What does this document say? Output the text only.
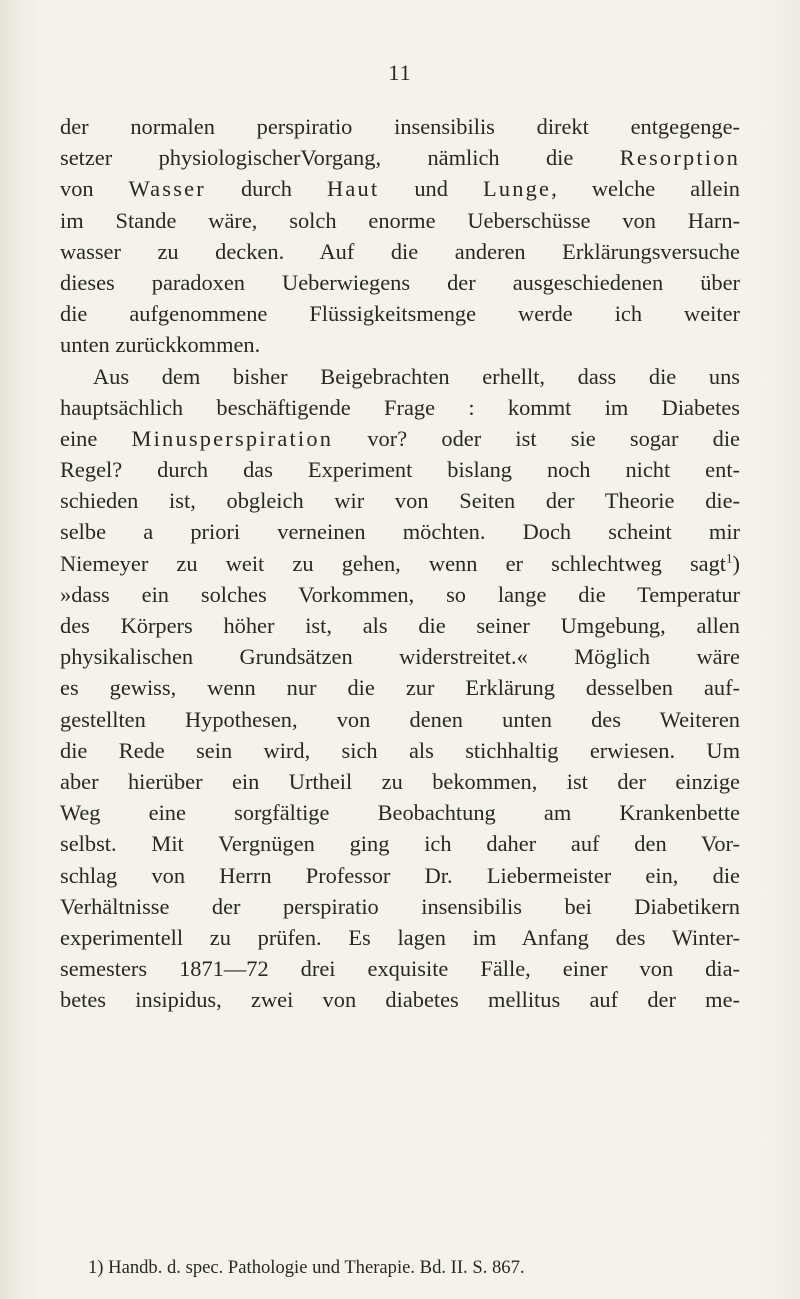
11
der normalen perspiratio insensibilis direkt entgegenge-
setzer physiologischerVorgang, nämlich die Resorption
von Wasser durch Haut und Lunge, welche allein
im Stande wäre, solch enorme Ueberschüsse von Harn-
wasser zu decken. Auf die anderen Erklärungsversuche
dieses paradoxen Ueberwiegens der ausgeschiedenen über
die aufgenommene Flüssigkeitsmenge werde ich weiter
unten zurückkommen.
Aus dem bisher Beigebrachten erhellt, dass die uns
hauptsächlich beschäftigende Frage : kommt im Diabetes
eine Minusperspiration vor? oder ist sie sogar die
Regel? durch das Experiment bislang noch nicht ent-
schieden ist, obgleich wir von Seiten der Theorie die-
selbe a priori verneinen möchten. Doch scheint mir
Niemeyer zu weit zu gehen, wenn er schlechtweg sagt$^1$)
»dass ein solches Vorkommen, so lange die Temperatur
des Körpers höher ist, als die seiner Umgebung, allen
physikalischen Grundsätzen widerstreitet.« Möglich wäre
es gewiss, wenn nur die zur Erklärung desselben auf-
gestellten Hypothesen, von denen unten des Weiteren
die Rede sein wird, sich als stichhaltig erwiesen. Um
aber hierüber ein Urtheil zu bekommen, ist der einzige
Weg eine sorgfältige Beobachtung am Krankenbette
selbst. Mit Vergnügen ging ich daher auf den Vor-
schlag von Herrn Professor Dr. Liebermeister ein, die
Verhältnisse der perspiratio insensibilis bei Diabetikern
experimentell zu prüfen. Es lagen im Anfang des Winter-
semesters 1871—72 drei exquisite Fälle, einer von dia-
betes insipidus, zwei von diabetes mellitus auf der me-
1) Handb. d. spec. Pathologie und Therapie. Bd. II. S. 867.
